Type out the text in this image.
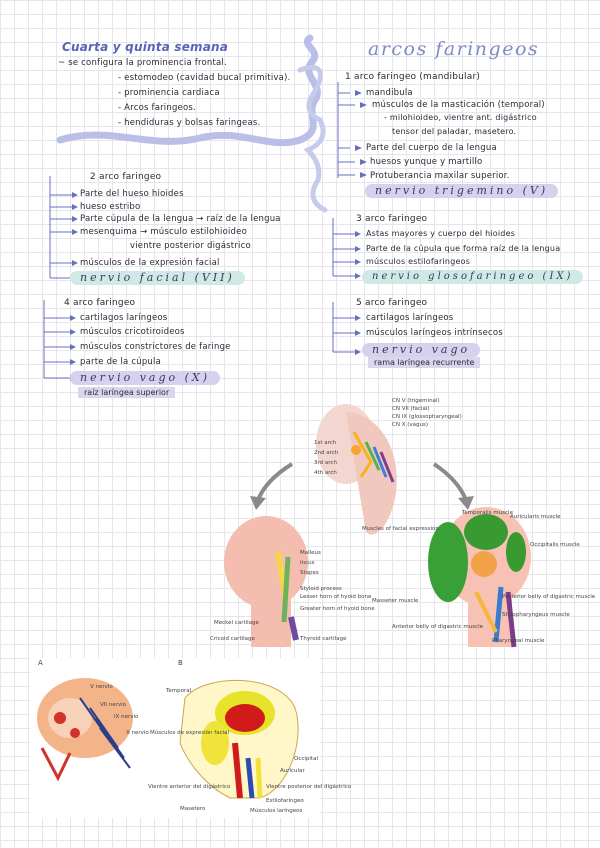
Cuarta y quinta semana	arcos faringeos
~ se configura la prominencia frontal.
- estomodeo (cavidad bucal primitiva).
- prominencia cardiaca
- Arcos faringeos.
- hendiduras y bolsas faringeas.
1 arco faringeo (mandibular)
mandibula
músculos de la masticación (temporal)
- milohioideo, vientre ant. digástrico
tensor del paladar, masetero.
Parte del cuerpo de la lengua
huesos yunque y martillo
Protuberancia maxilar superior.
nervio trigemino (V)
2 arco faringeo
Parte del hueso hioides
hueso estribo
Parte cúpula de la lengua → raíz de la lengua
mesenquima → músculo estilohioideo
vientre posterior digástrico
músculos de la expresión facial
nervio facial (VII)
3 arco faringeo
Astas mayores y cuerpo del hioides
Parte de la cúpula que forma raíz de la lengua
músculos estilofaringeos
nervio glosofaringeo (IX)
4 arco faringeo
cartilagos laríngeos
músculos cricotiroideos
músculos constrictores de faringe
parte de la cúpula
nervio vago (X)
raíz laríngea superior
5 arco faringeo
cartilagos laríngeos
músculos laríngeos intrínsecos
nervio vago
rama laríngea recurrente
CN V (trigeminal)
CN VII (facial)
CN IX (glossopharyngeal)
CN X (vagus)
1st arch
2nd arch
3rd arch
4th arch
Malleus
Incus
Stapes
Styloid process
Lesser horn of hyoid bone
Greater horn of hyoid bone
Thyroid cartilage
Meckel cartilage
Cricoid cartilage
Temporalis muscle
Auricularis muscle
Occipitalis muscle
Muscles of facial expression
Masseter muscle
Posterior belly of digastric muscle
Stylopharyngeus muscle
Anterior belly of digastric muscle
Pharyngeal muscle
A	B
V nervio
VII nervio
IX nervio
X nervio
Temporal
Músculos de expresión facial
Occipital
Auricular
Vientre anterior del digástrico	Vientre posterior del digástrico
Estilofaríngeo
Masetero	Músculos laríngeos
